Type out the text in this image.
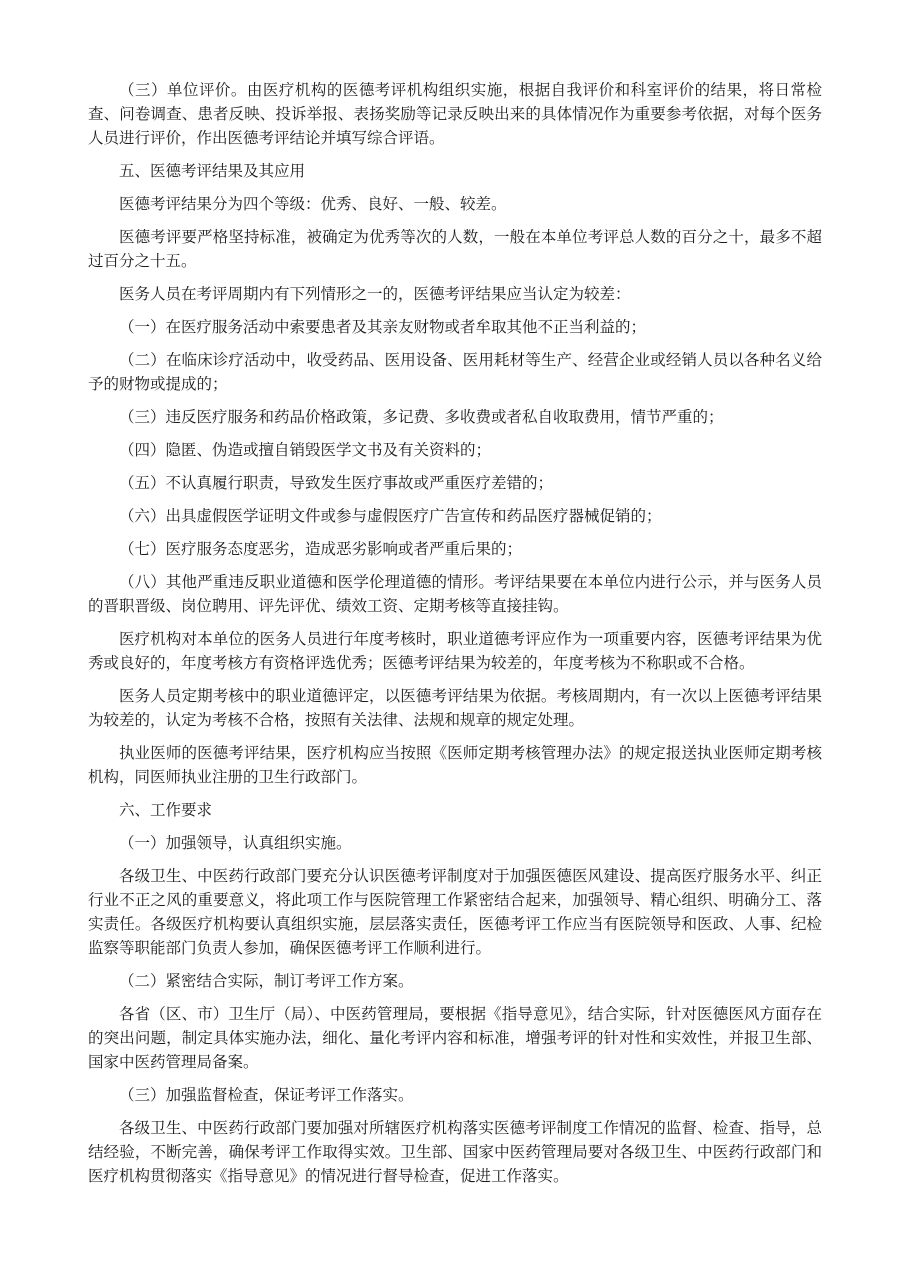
（三）单位评价。由医疗机构的医德考评机构组织实施，根据自我评价和科室评价的结果，将日常检查、问卷调查、患者反映、投诉举报、表扬奖励等记录反映出来的具体情况作为重要参考依据，对每个医务人员进行评价，作出医德考评结论并填写综合评语。

五、医德考评结果及其应用

医德考评结果分为四个等级：优秀、良好、一般、较差。

医德考评要严格坚持标准，被确定为优秀等次的人数，一般在本单位考评总人数的百分之十，最多不超过百分之十五。

医务人员在考评周期内有下列情形之一的，医德考评结果应当认定为较差：

（一）在医疗服务活动中索要患者及其亲友财物或者牟取其他不正当利益的；

（二）在临床诊疗活动中，收受药品、医用设备、医用耗材等生产、经营企业或经销人员以各种名义给予的财物或提成的；

（三）违反医疗服务和药品价格政策，多记费、多收费或者私自收取费用，情节严重的；

（四）隐匿、伪造或擅自销毁医学文书及有关资料的；

（五）不认真履行职责，导致发生医疗事故或严重医疗差错的；

（六）出具虚假医学证明文件或参与虚假医疗广告宣传和药品医疗器械促销的；

（七）医疗服务态度恶劣，造成恶劣影响或者严重后果的；

（八）其他严重违反职业道德和医学伦理道德的情形。考评结果要在本单位内进行公示，并与医务人员的晋职晋级、岗位聘用、评先评优、绩效工资、定期考核等直接挂钩。

医疗机构对本单位的医务人员进行年度考核时，职业道德考评应作为一项重要内容，医德考评结果为优秀或良好的，年度考核方有资格评选优秀；医德考评结果为较差的，年度考核为不称职或不合格。

医务人员定期考核中的职业道德评定，以医德考评结果为依据。考核周期内，有一次以上医德考评结果为较差的，认定为考核不合格，按照有关法律、法规和规章的规定处理。

执业医师的医德考评结果，医疗机构应当按照《医师定期考核管理办法》的规定报送执业医师定期考核机构，同医师执业注册的卫生行政部门。

六、工作要求

（一）加强领导，认真组织实施。

各级卫生、中医药行政部门要充分认识医德考评制度对于加强医德医风建设、提高医疗服务水平、纠正行业不正之风的重要意义，将此项工作与医院管理工作紧密结合起来，加强领导、精心组织、明确分工、落实责任。各级医疗机构要认真组织实施，层层落实责任，医德考评工作应当有医院领导和医政、人事、纪检监察等职能部门负责人参加，确保医德考评工作顺利进行。

（二）紧密结合实际，制订考评工作方案。

各省（区、市）卫生厅（局）、中医药管理局，要根据《指导意见》，结合实际，针对医德医风方面存在的突出问题，制定具体实施办法，细化、量化考评内容和标准，增强考评的针对性和实效性，并报卫生部、国家中医药管理局备案。

（三）加强监督检查，保证考评工作落实。

各级卫生、中医药行政部门要加强对所辖医疗机构落实医德考评制度工作情况的监督、检查、指导，总结经验，不断完善，确保考评工作取得实效。卫生部、国家中医药管理局要对各级卫生、中医药行政部门和医疗机构贯彻落实《指导意见》的情况进行督导检查，促进工作落实。
